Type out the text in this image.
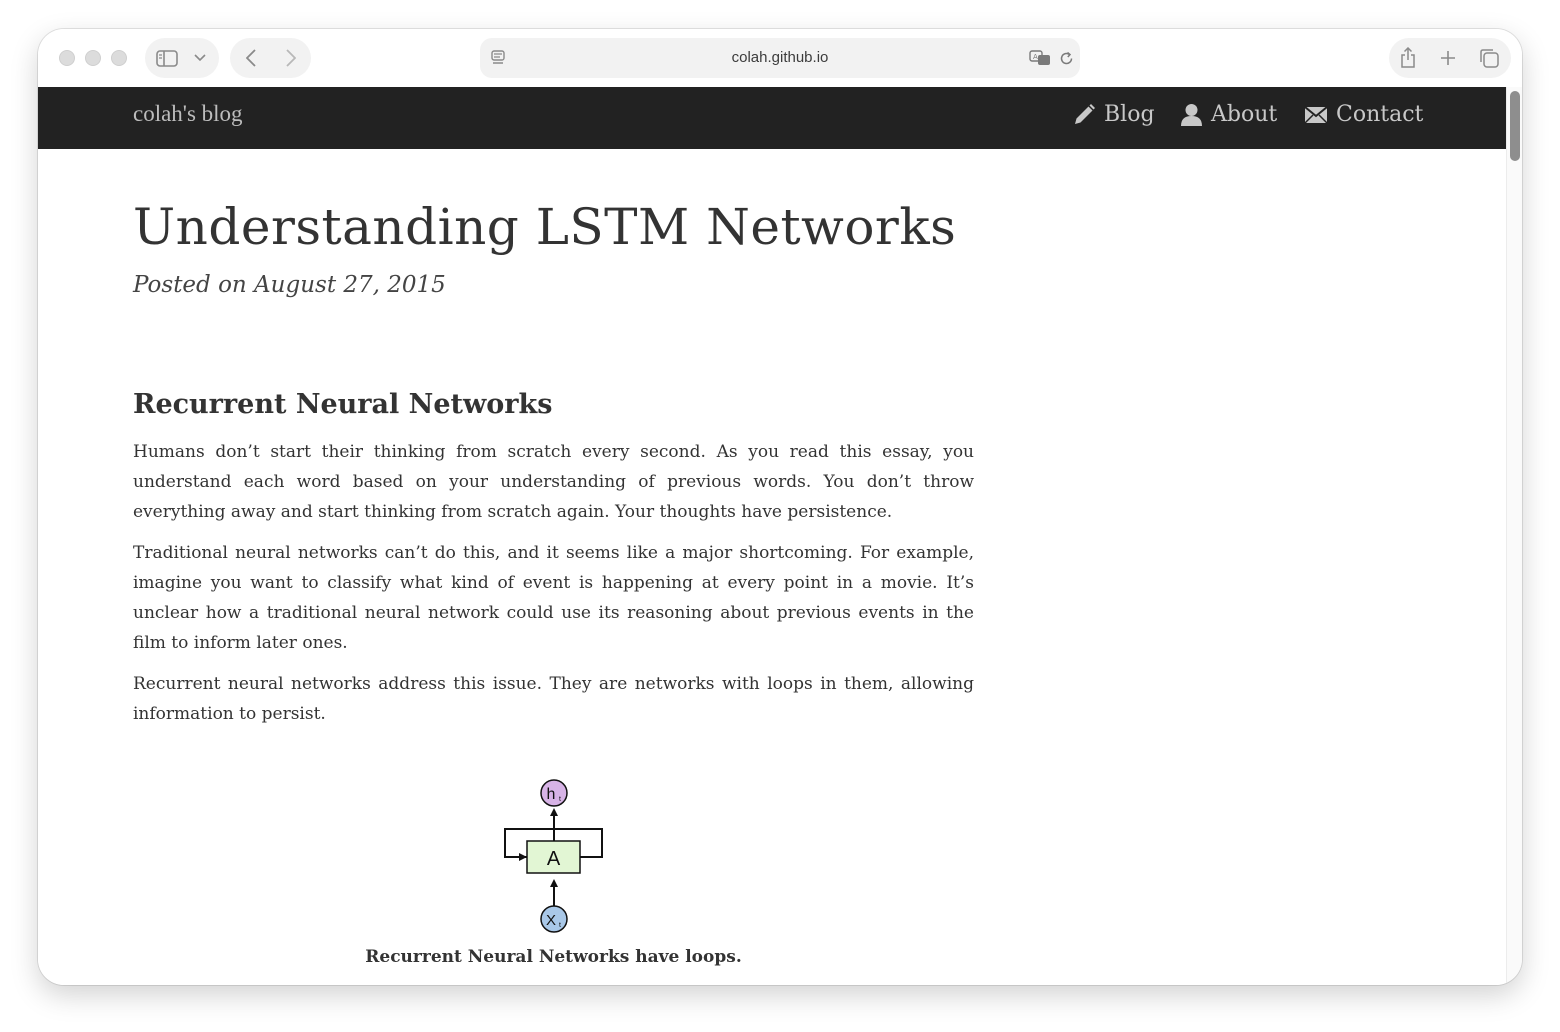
colah.github.io	A
colah's blog	Blog	About	Contact
Understanding LSTM Networks

Posted on August 27, 2015

Recurrent Neural Networks

Humans don’t start their thinking from scratch every second. As you read this essay, you understand each word based on your understanding of previous words. You don’t throw everything away and start thinking from scratch again. Your thoughts have persistence.

Traditional neural networks can’t do this, and it seems like a major shortcoming. For example, imagine you want to classify what kind of event is happening at every point in a movie. It’s unclear how a traditional neural network could use its reasoning about previous events in the film to inform later ones.

Recurrent neural networks address this issue. They are networks with loops in them, allowing information to persist.

A
h t
X t
Recurrent Neural Networks have loops.
